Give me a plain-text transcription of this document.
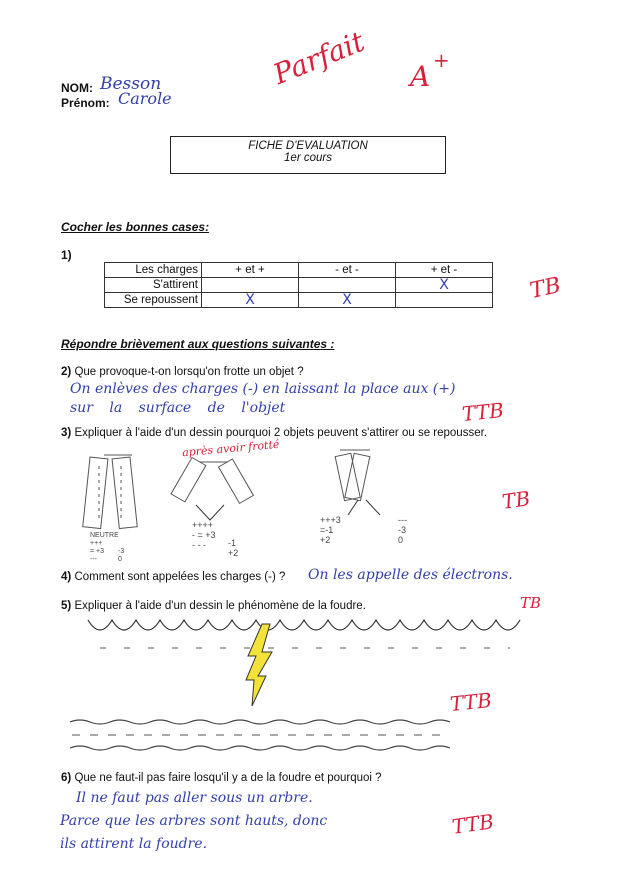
NOM: Besson
Prénom: Carole
Parfait A +
FICHE D'EVALUATION
1er cours
Cocher les bonnes cases:
1)
Les charges	+ et +	- et -	+ et -
S'attirent			X
Se repoussent	X	X		TB
Répondre brièvement aux questions suivantes :
2) Que provoque-t-on lorsqu'on frotte un objet ?
On enlèves des charges (-) en laissant la place aux (+)
sur la surface de l'objet	TTB
3) Expliquer à l'aide d'un dessin pourquoi 2 objets peuvent s'attirer ou se repousser.
après avoir frotté
NEUTRE
+++
= +3
---
-3
0
++++
- = +3
- - -	-1
+2
+++3
=-1
+2
---
-3
0
TB
4) Comment sont appelées les charges (-) ? On les appelle des électrons.
5) Expliquer à l'aide d'un dessin le phénomène de la foudre.	TB
TTB
6) Que ne faut-il pas faire losqu'il y a de la foudre et pourquoi ?
Il ne faut pas aller sous un arbre.
Parce que les arbres sont hauts, donc
ils attirent la foudre.
TTB
